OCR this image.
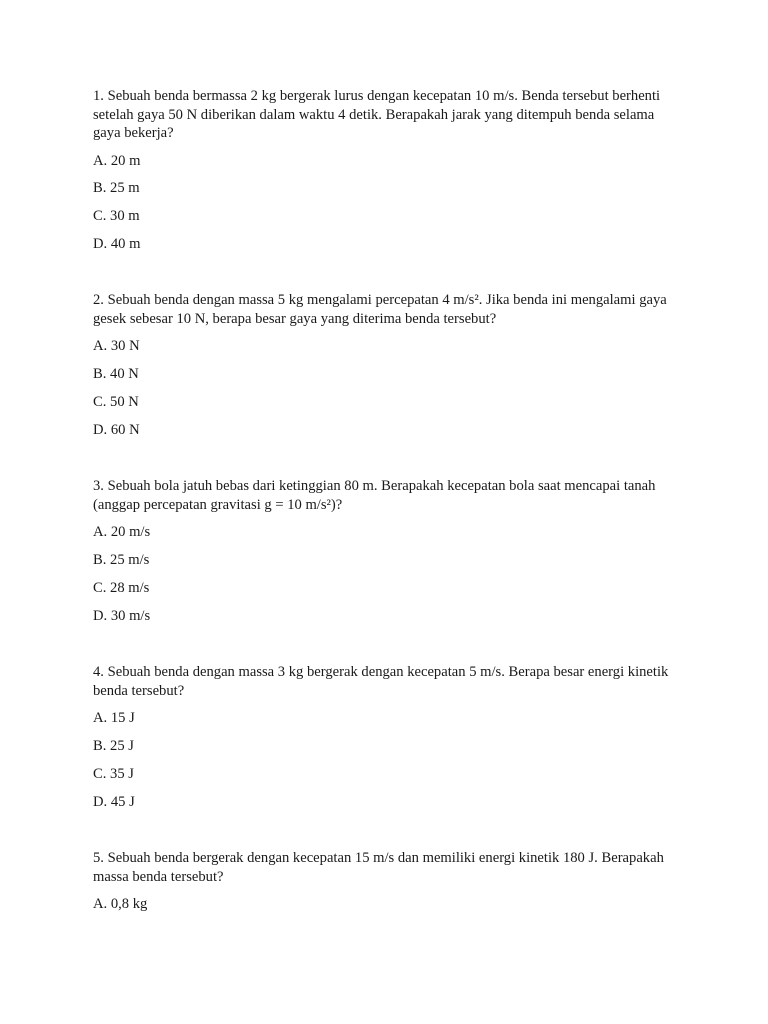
1. Sebuah benda bermassa 2 kg bergerak lurus dengan kecepatan 10 m/s. Benda tersebut berhenti setelah gaya 50 N diberikan dalam waktu 4 detik. Berapakah jarak yang ditempuh benda selama gaya bekerja?

A. 20 m

B. 25 m

C. 30 m

D. 40 m

2. Sebuah benda dengan massa 5 kg mengalami percepatan 4 m/s². Jika benda ini mengalami gaya gesek sebesar 10 N, berapa besar gaya yang diterima benda tersebut?

A. 30 N

B. 40 N

C. 50 N

D. 60 N

3. Sebuah bola jatuh bebas dari ketinggian 80 m. Berapakah kecepatan bola saat mencapai tanah (anggap percepatan gravitasi g = 10 m/s²)?

A. 20 m/s

B. 25 m/s

C. 28 m/s

D. 30 m/s

4. Sebuah benda dengan massa 3 kg bergerak dengan kecepatan 5 m/s. Berapa besar energi kinetik benda tersebut?

A. 15 J

B. 25 J

C. 35 J

D. 45 J

5. Sebuah benda bergerak dengan kecepatan 15 m/s dan memiliki energi kinetik 180 J. Berapakah massa benda tersebut?

A. 0,8 kg
